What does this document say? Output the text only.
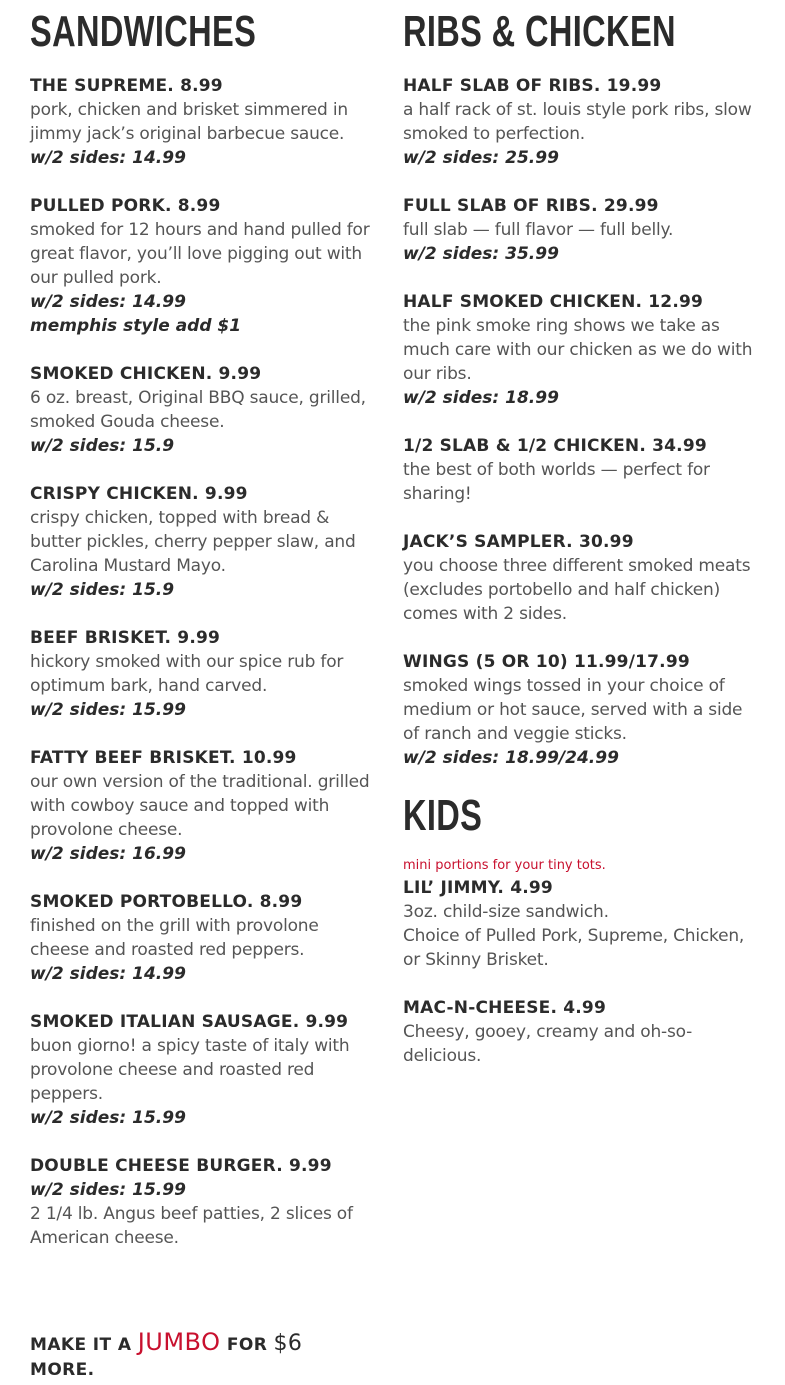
SANDWICHES
THE SUPREME. 8.99
pork, chicken and brisket simmered in jimmy jack’s original barbecue sauce.
w/2 sides: 14.99
PULLED PORK. 8.99
smoked for 12 hours and hand pulled for great flavor, you’ll love pigging out with our pulled pork.
w/2 sides: 14.99
memphis style add $1
SMOKED CHICKEN. 9.99
6 oz. breast, Original BBQ sauce, grilled, smoked Gouda cheese.
w/2 sides: 15.9
CRISPY CHICKEN. 9.99
crispy chicken, topped with bread & butter pickles, cherry pepper slaw, and Carolina Mustard Mayo.
w/2 sides: 15.9
BEEF BRISKET. 9.99
hickory smoked with our spice rub for optimum bark, hand carved.
w/2 sides: 15.99
FATTY BEEF BRISKET. 10.99
our own version of the traditional. grilled with cowboy sauce and topped with provolone cheese.
w/2 sides: 16.99
SMOKED PORTOBELLO. 8.99
finished on the grill with provolone cheese and roasted red peppers.
w/2 sides: 14.99
SMOKED ITALIAN SAUSAGE. 9.99
buon giorno! a spicy taste of italy with provolone cheese and roasted red peppers.
w/2 sides: 15.99
DOUBLE CHEESE BURGER. 9.99
w/2 sides: 15.99
2 1/4 lb. Angus beef patties, 2 slices of American cheese.
MAKE IT A JUMBO FOR $6
MORE.
RIBS & CHICKEN
HALF SLAB OF RIBS. 19.99
a half rack of st. louis style pork ribs, slow smoked to perfection.
w/2 sides: 25.99
FULL SLAB OF RIBS. 29.99
full slab — full flavor — full belly.
w/2 sides: 35.99
HALF SMOKED CHICKEN. 12.99
the pink smoke ring shows we take as much care with our chicken as we do with our ribs.
w/2 sides: 18.99
1/2 SLAB & 1/2 CHICKEN. 34.99
the best of both worlds — perfect for sharing!
JACK’S SAMPLER. 30.99
you choose three different smoked meats (excludes portobello and half chicken) comes with 2 sides.
WINGS (5 OR 10) 11.99/17.99
smoked wings tossed in your choice of medium or hot sauce, served with a side of ranch and veggie sticks.
w/2 sides: 18.99/24.99
KIDS
mini portions for your tiny tots.
LIL’ JIMMY. 4.99
3oz. child-size sandwich.
Choice of Pulled Pork, Supreme, Chicken,
or Skinny Brisket.
MAC-N-CHEESE. 4.99
Cheesy, gooey, creamy and oh-so-delicious.
